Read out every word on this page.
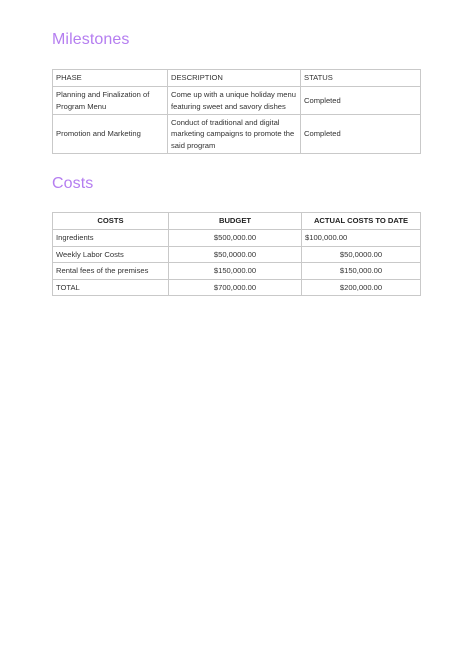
Milestones
PHASE	DESCRIPTION	STATUS
Planning and Finalization of Program Menu	Come up with a unique holiday menu featuring sweet and savory dishes	Completed
Promotion and Marketing	Conduct of traditional and digital marketing campaigns to promote the said program	Completed
Costs
COSTS	BUDGET	ACTUAL COSTS TO DATE
Ingredients	$500,000.00	$100,000.00
Weekly Labor Costs	$50,0000.00	$50,0000.00
Rental fees of the premises	$150,000.00	$150,000.00
TOTAL	$700,000.00	$200,000.00
